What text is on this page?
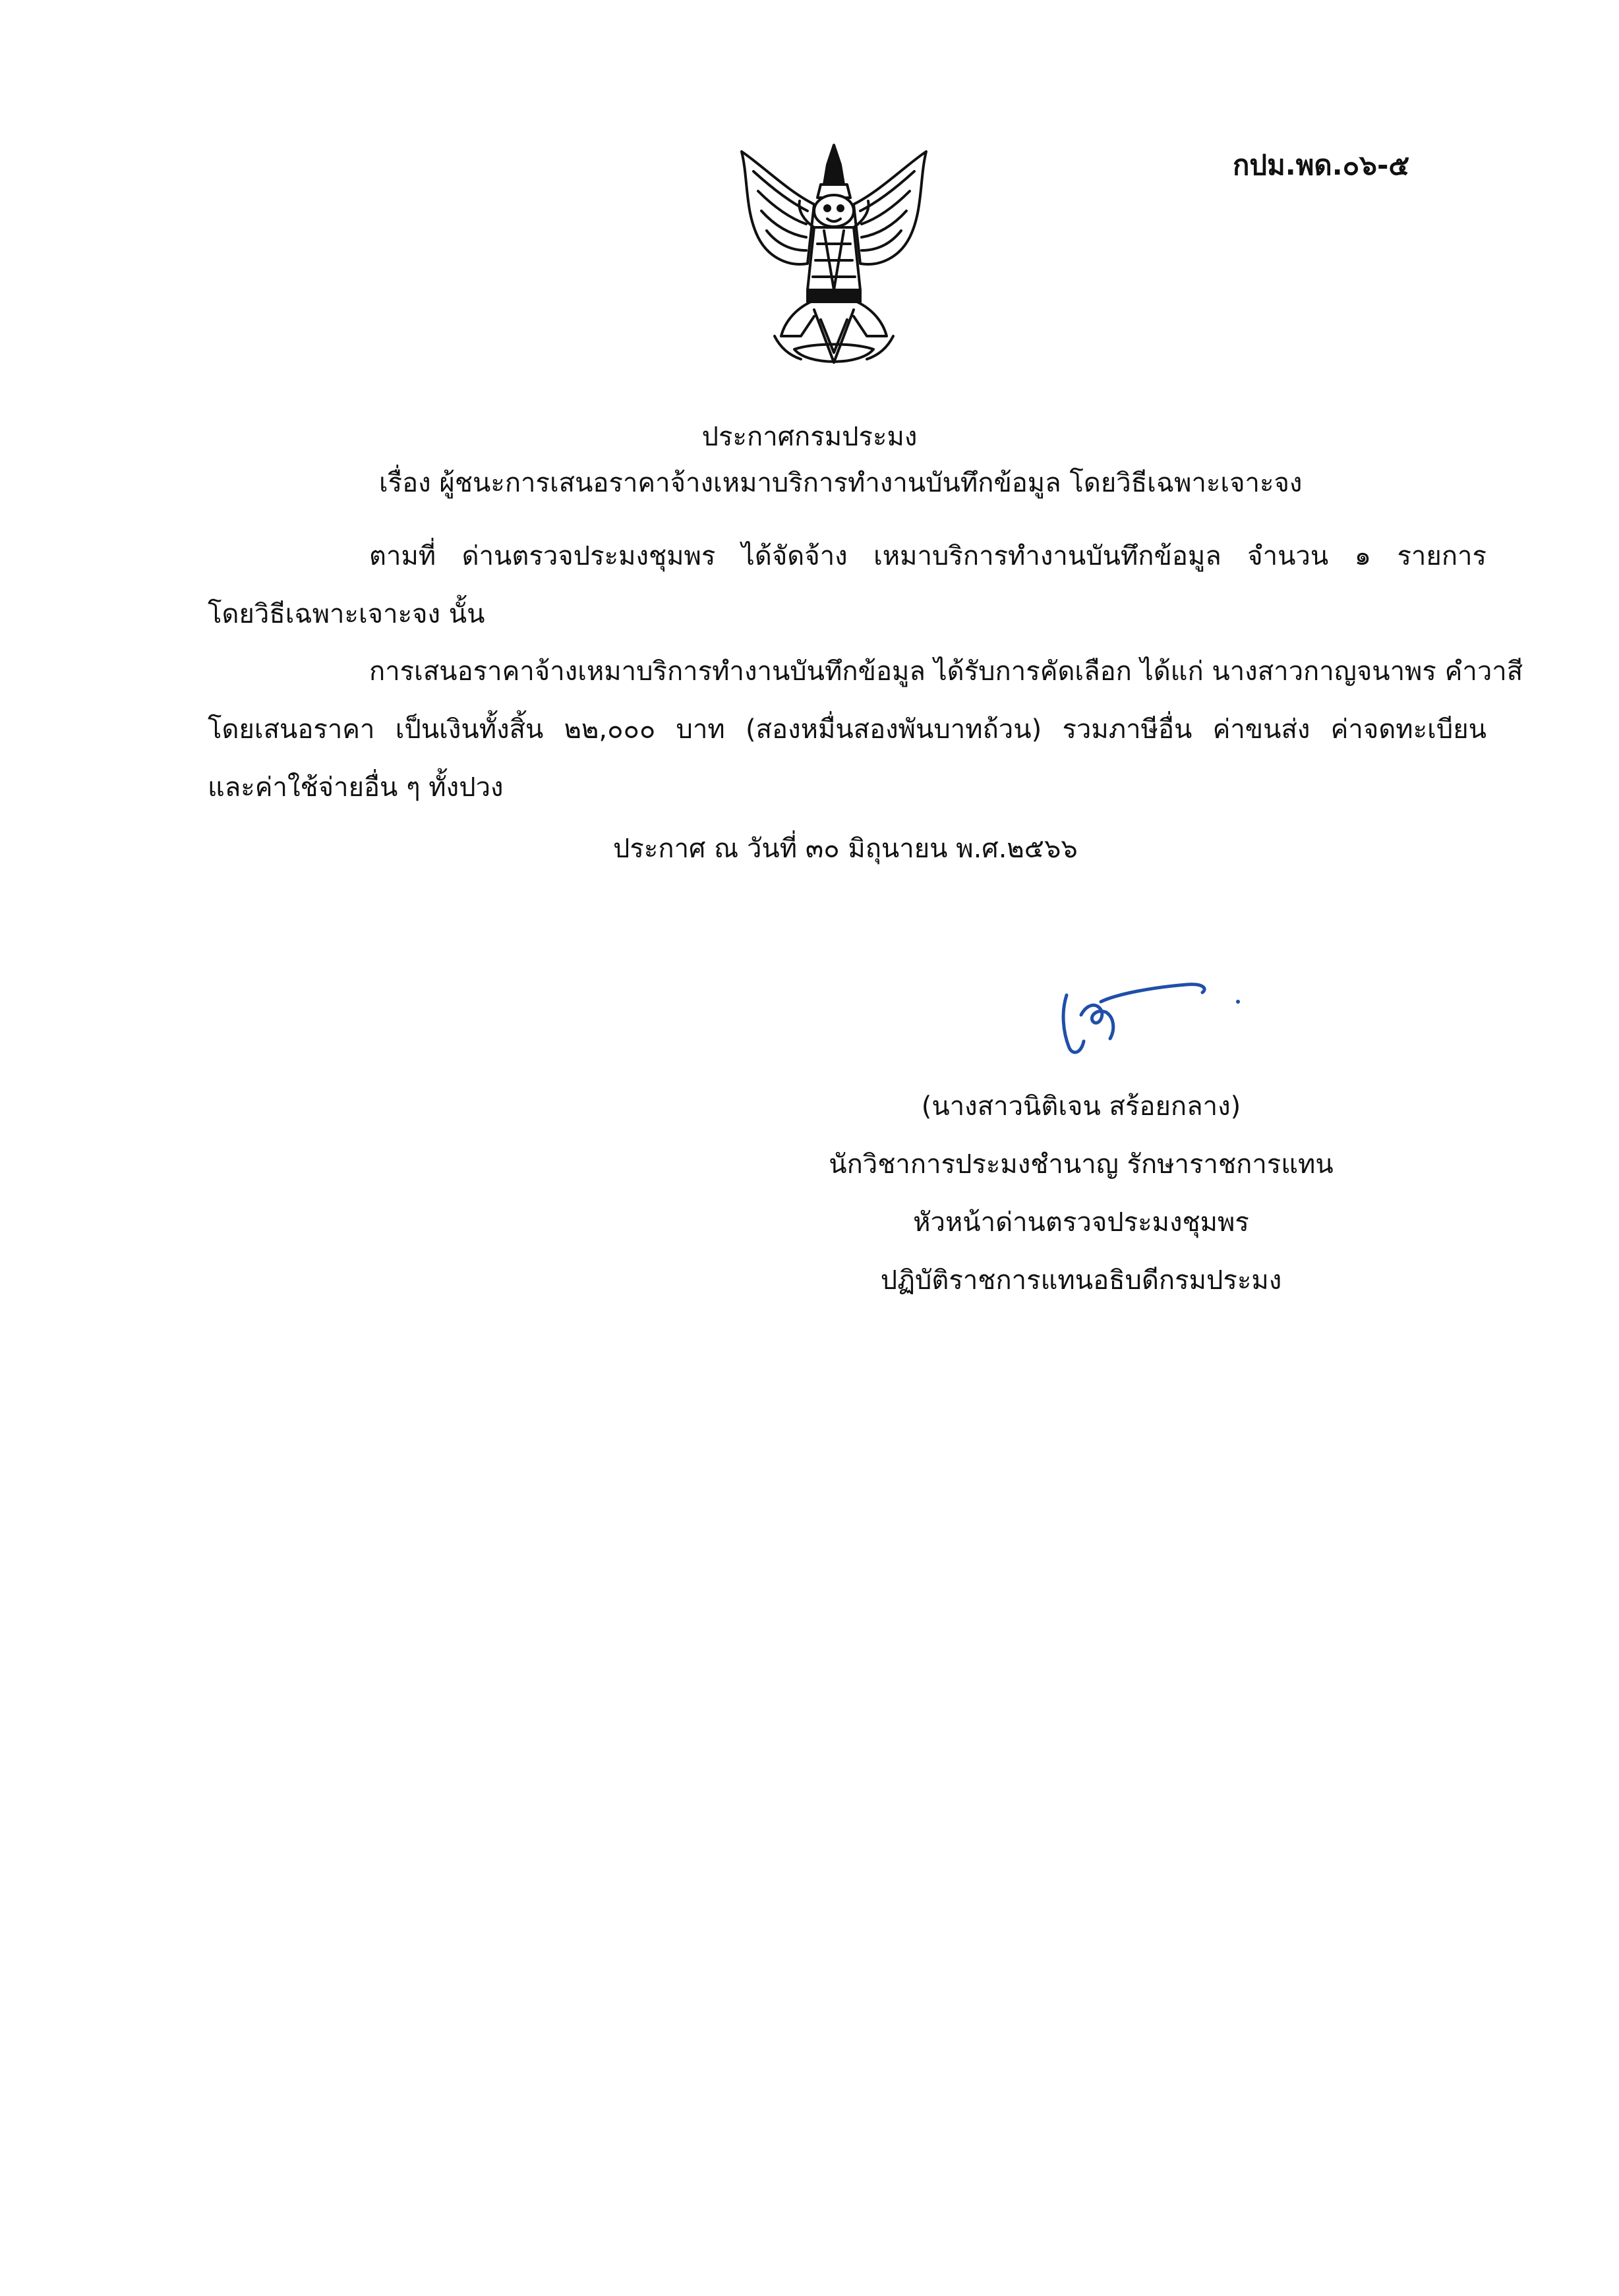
กปม.พด.๐๖-๕
ประกาศกรมประมง
เรื่อง ผู้ชนะการเสนอราคาจ้างเหมาบริการทำงานบันทึกข้อมูล โดยวิธีเฉพาะเจาะจง
ตามที่ ด่านตรวจประมงชุมพร ได้จัดจ้าง เหมาบริการทำงานบันทึกข้อมูล จำนวน ๑ รายการ
โดยวิธีเฉพาะเจาะจง นั้น
การเสนอราคาจ้างเหมาบริการทำงานบันทึกข้อมูล ได้รับการคัดเลือก ได้แก่ นางสาวกาญจนาพร คำวาสี
โดยเสนอราคา เป็นเงินทั้งสิ้น ๒๒,๐๐๐ บาท (สองหมื่นสองพันบาทถ้วน) รวมภาษีอื่น ค่าขนส่ง ค่าจดทะเบียน
และค่าใช้จ่ายอื่น ๆ ทั้งปวง
ประกาศ ณ วันที่ ๓๐ มิถุนายน พ.ศ.๒๕๖๖
(นางสาวนิติเจน สร้อยกลาง)
นักวิชาการประมงชำนาญ รักษาราชการแทน
หัวหน้าด่านตรวจประมงชุมพร
ปฏิบัติราชการแทนอธิบดีกรมประมง
